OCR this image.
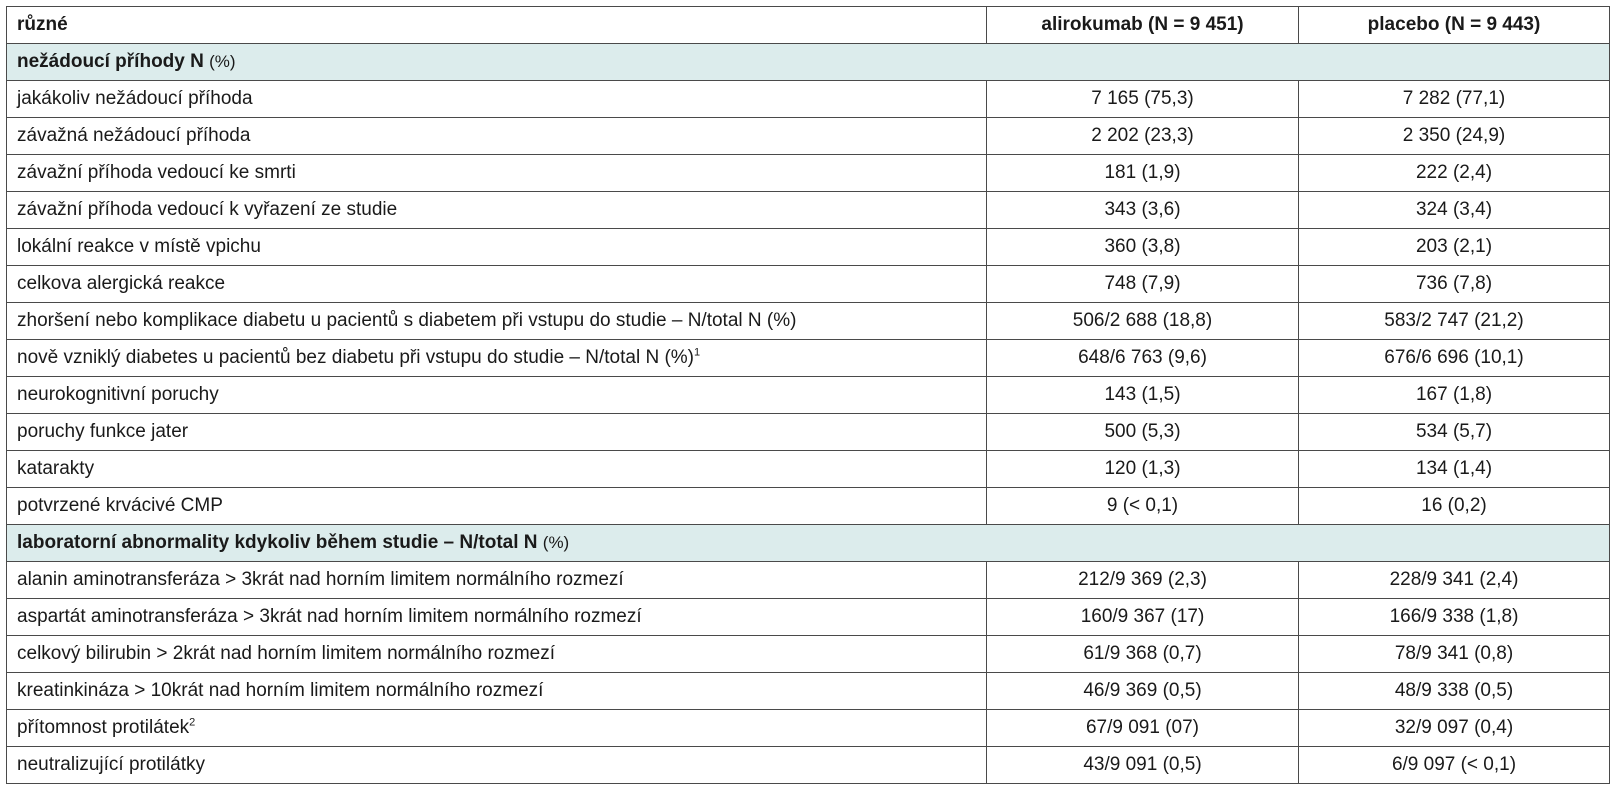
různé	alirokumab (N = 9 451)	placebo (N = 9 443)
nežádoucí příhody N (%)		
jakákoliv nežádoucí příhoda	7 165 (75,3)	7 282 (77,1)
závažná nežádoucí příhoda	2 202 (23,3)	2 350 (24,9)
závažní příhoda vedoucí ke smrti	181 (1,9)	222 (2,4)
závažní příhoda vedoucí k vyřazení ze studie	343 (3,6)	324 (3,4)
lokální reakce v místě vpichu	360 (3,8)	203 (2,1)
celkova alergická reakce	748 (7,9)	736 (7,8)
zhoršení nebo komplikace diabetu u pacientů s diabetem při vstupu do studie – N/total N (%)	506/2 688 (18,8)	583/2 747 (21,2)
nově vzniklý diabetes u pacientů bez diabetu při vstupu do studie – N/total N (%)$^1$	648/6 763 (9,6)	676/6 696 (10,1)
neurokognitivní poruchy	143 (1,5)	167 (1,8)
poruchy funkce jater	500 (5,3)	534 (5,7)
katarakty	120 (1,3)	134 (1,4)
potvrzené krvácivé CMP	9 (< 0,1)	16 (0,2)
laboratorní abnormality kdykoliv během studie – N/total N (%)		
alanin aminotransferáza > 3krát nad horním limitem normálního rozmezí	212/9 369 (2,3)	228/9 341 (2,4)
aspartát aminotransferáza > 3krát nad horním limitem normálního rozmezí	160/9 367 (17)	166/9 338 (1,8)
celkový bilirubin > 2krát nad horním limitem normálního rozmezí	61/9 368 (0,7)	78/9 341 (0,8)
kreatinkináza > 10krát nad horním limitem normálního rozmezí	46/9 369 (0,5)	48/9 338 (0,5)
přítomnost protilátek$^2$	67/9 091 (07)	32/9 097 (0,4)
neutralizující protilátky	43/9 091 (0,5)	6/9 097 (< 0,1)
